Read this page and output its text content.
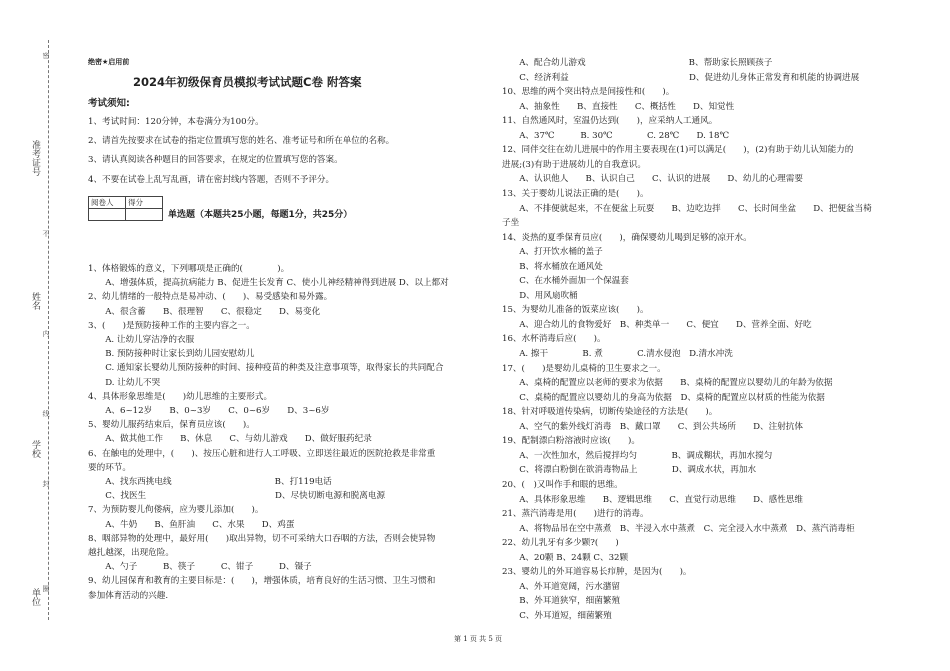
密
不
内
线
封
圈
准考证号
姓名
学校
单位
绝密★启用前
2024年初级保育员模拟考试试题C卷 附答案
考试须知:
1、考试时间：120分钟，本卷满分为100分。
2、请首先按要求在试卷的指定位置填写您的姓名、准考证号和所在单位的名称。
3、请认真阅读各种题目的回答要求，在规定的位置填写您的答案。
4、不要在试卷上乱写乱画，请在密封线内答题，否则不予评分。
阅卷人	得分

单选题（本题共25小题，每题1分，共25分）
1、体格锻炼的意义，下列哪项是正确的(　　　　)。
　　A、增强体质，提高抗病能力 B、促进生长发育 C、使小儿神经精神得到进展 D、以上都对
2、幼儿情绪的一般特点是易冲动、(　　)、易受感染和易外露。
　　A、很含蓄　　B、很理智　　C、很稳定　　D、易变化
3、(　　)是预防接种工作的主要内容之一。
　　A. 让幼儿穿洁净的衣服
　　B. 预防接种时让家长到幼儿园安慰幼儿
　　C. 通知家长婴幼儿预防接种的时间、接种疫苗的种类及注意事项等，取得家长的共同配合
　　D. 让幼儿不哭
4、具体形象思维是(　　)幼儿思维的主要形式。
　　A、6~12岁　　B、0~3岁　　C、0~6岁　　D、3~6岁
5、婴幼儿服药结束后，保育员应该(　　)。
　　A、做其他工作　　B、休息　　C、与幼儿游戏　　D、做好服药纪录
6、在触电的处理中，(　　)、按压心脏和进行人工呼吸、立即送往最近的医院抢救是非常重
要的环节。
　　A、找东西挑电线　　　　　　　　　　　　B、打119电话
　　C、找医生　　　　　　　　　　　　　　　D、尽快切断电源和脱离电源
7、为预防婴儿佝偻病，应为婴儿添加(　　)。
　　A、牛奶　　B、鱼肝油　　C、水果　　D、鸡蛋
8、咽部异物的处理中，最好用(　　)取出异物，切不可采纳大口吞咽的方法，否则会使异物
越扎越深，出现危险。
　　A、勺子　　　B、筷子　　　C、钳子　　　D、镊子
9、幼儿园保育和教育的主要目标是：(　　)，增强体质，培育良好的生活习惯、卫生习惯和
参加体育活动的兴趣.
　　A、配合幼儿游戏　　　　　　　　　　　　B、帮助家长照顾孩子
　　C、经济利益　　　　　　　　　　　　　　D、促进幼儿身体正常发育和机能的协调进展
10、思维的两个突出特点是间接性和(　　)。
　　A、抽象性　　B、直接性　　C、概括性　　D、知觉性
11、自然通风时，室温仍达到(　　)，应采纳人工通风。
　　A、37℃　　　B. 30℃　　　　C. 28℃　　D. 18℃
12、同伴交往在幼儿进展中的作用主要表现在(1)可以满足(　　)，(2)有助于幼儿认知能力的
进展;(3)有助于进展幼儿的自我意识。
　　A、认识他人　　B、认识自己　　C、认识的进展　　D、幼儿的心理需要
13、关于婴幼儿说法正确的是(　　)。
　　A、不排便就起来，不在便盆上玩耍　　B、边吃边拌　　C、长时间坐盆　　D、把便盆当椅
子坐
14、炎热的夏季保育员应(　　)，确保婴幼儿喝到足够的凉开水。
　　A、打开饮水桶的盖子
　　B、将水桶放在通风处
　　C、在水桶外面加一个保温套
　　D、用风扇吹桶
15、为婴幼儿准备的饭菜应该(　　)。
　　A、迎合幼儿的食物爱好　B、种类单一　　C、便宜　　D、营养全面、好吃
16、水杯消毒后应(　　)。
　　A. 擦干　　　　B. 煮　　　　C.清水侵泡　D.清水冲洗
17、(　　)是婴幼儿桌椅的卫生要求之一。
　　A、桌椅的配置应以老师的要求为依据　　B、桌椅的配置应以婴幼儿的年龄为依据
　　C、桌椅的配置应以婴幼儿的身高为依据　D、桌椅的配置应以材质的性能为依据
18、针对呼吸道传染病，切断传染途径的方法是(　　)。
　　A、空气的紫外线灯消毒　B、戴口罩　　C、到公共场所　　D、注射抗体
19、配制漂白粉溶液时应该(　　)。
　　A、一次性加水，然后搅拌均匀　　　　B、调成糊状，再加水搅匀
　　C、将漂白粉倒在欲消毒物品上　　　　D、调成水状，再加水
20、(　)又叫作手和眼的思维。
　　A、具体形象思维　　B、逻辑思维　　C、直觉行动思维　　D、感性思维
21、蒸汽消毒是用(　　)进行的消毒。
　　A、将物品吊在空中蒸煮　B、半浸入水中蒸煮　C、完全浸入水中蒸煮　D、蒸汽消毒柜
22、幼儿乳牙有多少颗?(　　)
　　A、20颗 B、24颗 C、32颗
23、婴幼儿的外耳道容易长疖肿，是因为(　　)。
　　A、外耳道宽阔，污水潴留
　　B、外耳道狭窄，细菌繁殖
　　C、外耳道短，细菌繁殖
第 1 页 共 5 页
